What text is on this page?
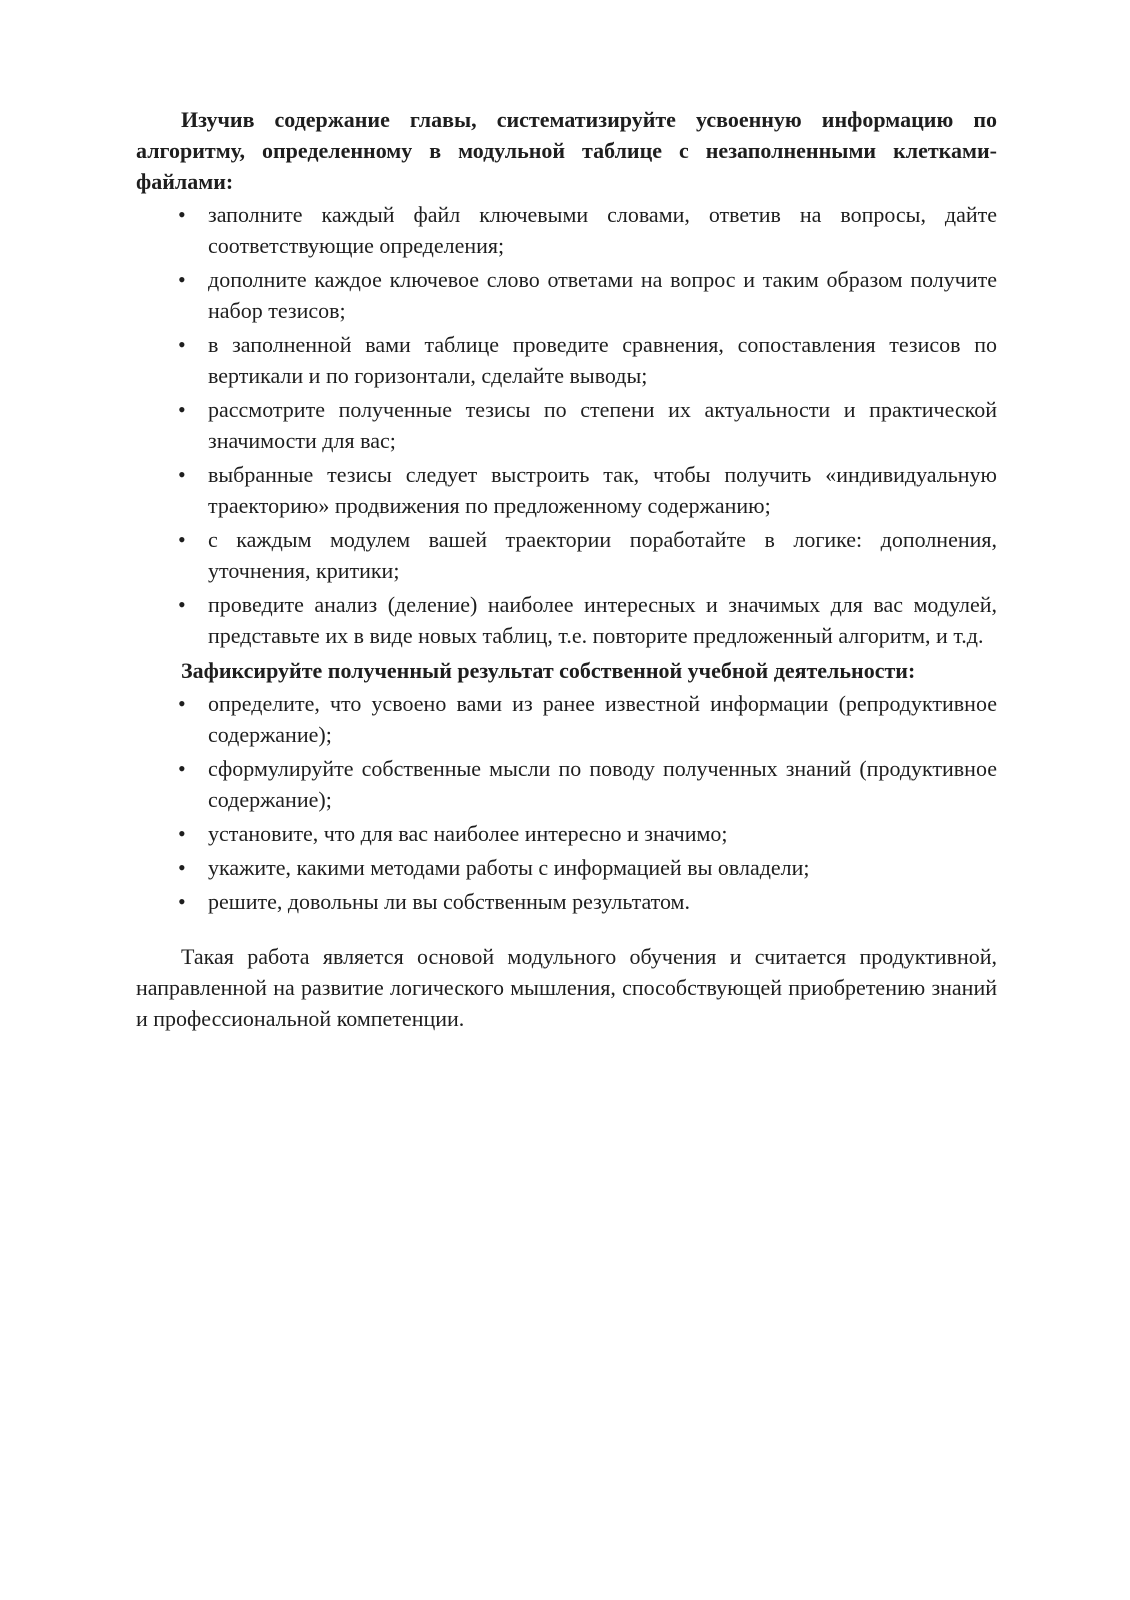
Изучив содержание главы, систематизируйте усвоенную информацию по алгоритму, определенному в модульной таблице с незаполненными клетками-файлами:

• заполните каждый файл ключевыми словами, ответив на вопросы, дайте соответствующие определения;
• дополните каждое ключевое слово ответами на вопрос и таким образом получите набор тезисов;
• в заполненной вами таблице проведите сравнения, сопоставления тезисов по вертикали и по горизонтали, сделайте выводы;
• рассмотрите полученные тезисы по степени их актуальности и практической значимости для вас;
• выбранные тезисы следует выстроить так, чтобы получить «индивидуальную траекторию» продвижения по предложенному содержанию;
• с каждым модулем вашей траектории поработайте в логике: дополнения, уточнения, критики;
• проведите анализ (деление) наиболее интересных и значимых для вас модулей, представьте их в виде новых таблиц, т.е. повторите предложенный алгоритм, и т.д.

Зафиксируйте полученный результат собственной учебной деятельности:

• определите, что усвоено вами из ранее известной информации (репродуктивное содержание);
• сформулируйте собственные мысли по поводу полученных знаний (продуктивное содержание);
• установите, что для вас наиболее интересно и значимо;
• укажите, какими методами работы с информацией вы овладели;
• решите, довольны ли вы собственным результатом.

Такая работа является основой модульного обучения и считается продуктивной, направленной на развитие логического мышления, способствующей приобретению знаний и профессиональной компетенции.
